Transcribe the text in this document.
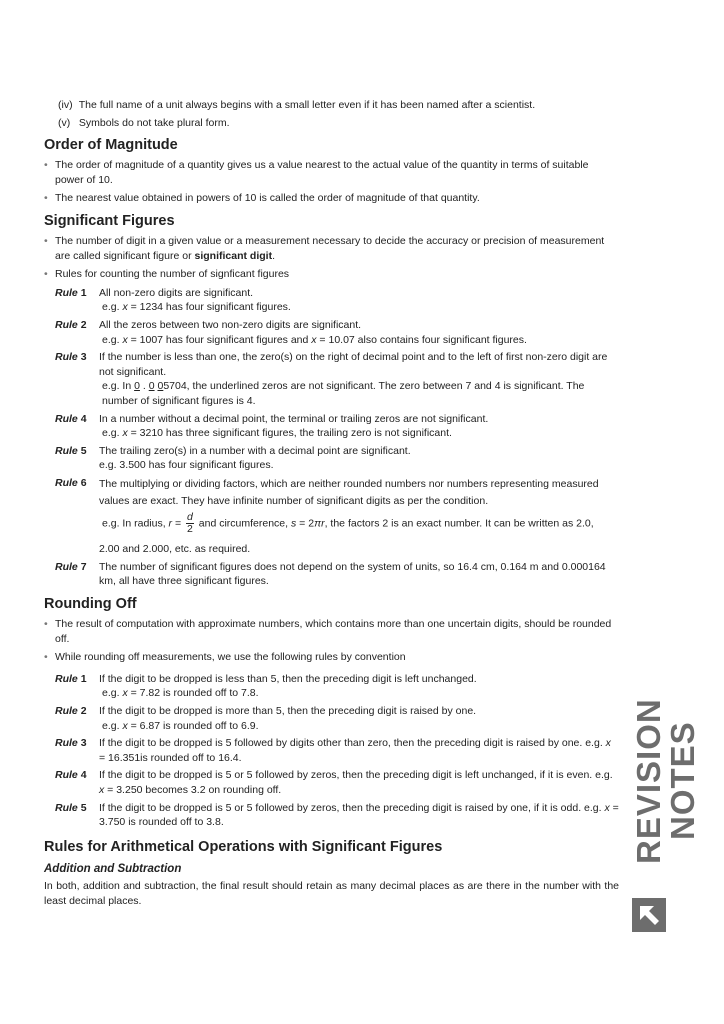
(iv) The full name of a unit always begins with a small letter even if it has been named after a scientist.
(v) Symbols do not take plural form.
Order of Magnitude
• The order of magnitude of a quantity gives us a value nearest to the actual value of the quantity in terms of suitable power of 10.
• The nearest value obtained in powers of 10 is called the order of magnitude of that quantity.
Significant Figures
• The number of digit in a given value or a measurement necessary to decide the accuracy or precision of measurement are called significant figure or significant digit.
• Rules for counting the number of signficant figures
Rule 1	All non-zero digits are significant.
e.g. x = 1234 has four significant figures.
Rule 2	All the zeros between two non-zero digits are significant.
e.g. x = 1007 has four significant figures and x = 10.07 also contains four significant figures.
Rule 3	If the number is less than one, the zero(s) on the right of decimal point and to the left of first non-zero digit are not significant.
e.g. In 0 . 0 05704, the underlined zeros are not significant. The zero between 7 and 4 is significant. The number of significant figures is 4.
Rule 4	In a number without a decimal point, the terminal or trailing zeros are not significant.
e.g. x = 3210 has three significant figures, the trailing zero is not significant.
Rule 5	The trailing zero(s) in a number with a decimal point are significant.
e.g. 3.500 has four significant figures.
Rule 6	The multiplying or dividing factors, which are neither rounded numbers nor numbers representing measured values are exact. They have infinite number of significant digits as per the condition.
e.g. In radius, $r = \frac{d}{2}$ and circumference, s = 2πr, the factors 2 is an exact number. It can be written as 2.0,
2.00 and 2.000, etc. as required.
Rule 7	The number of significant figures does not depend on the system of units, so 16.4 cm, 0.164 m and 0.000164 km, all have three significant figures.
Rounding Off
• The result of computation with approximate numbers, which contains more than one uncertain digits, should be rounded off.
• While rounding off measurements, we use the following rules by convention
Rule 1	If the digit to be dropped is less than 5, then the preceding digit is left unchanged.
e.g. x = 7.82 is rounded off to 7.8.
Rule 2	If the digit to be dropped is more than 5, then the preceding digit is raised by one.
e.g. x = 6.87 is rounded off to 6.9.
Rule 3	If the digit to be dropped is 5 followed by digits other than zero, then the preceding digit is raised by one. e.g. x = 16.351is rounded off to 16.4.
Rule 4	If the digit to be dropped is 5 or 5 followed by zeros, then the preceding digit is left unchanged, if it is even. e.g. x = 3.250 becomes 3.2 on rounding off.
Rule 5	If the digit to be dropped is 5 or 5 followed by zeros, then the preceding digit is raised by one, if it is odd. e.g. x = 3.750 is rounded off to 3.8.
Rules for Arithmetical Operations with Significant Figures
Addition and Subtraction
In both, addition and subtraction, the final result should retain as many decimal places as are there in the number with the least decimal places.
REVISION NOTES
